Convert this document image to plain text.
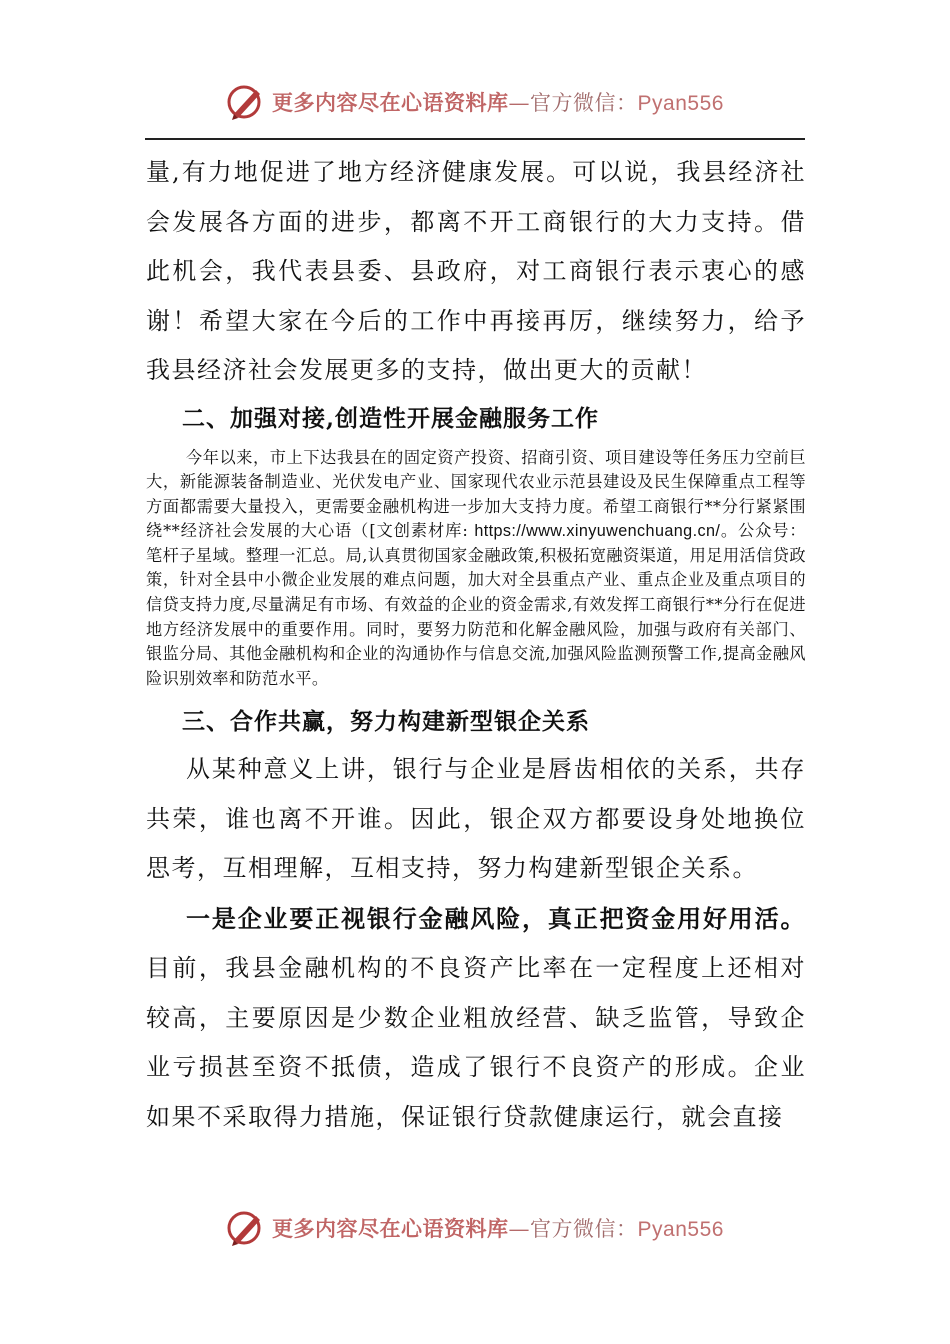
更多内容尽在心语资料库—官方微信：Pyan556

量,有力地促进了地方经济健康发展。可以说，我县经济社会发展各方面的进步，都离不开工商银行的大力支持。借此机会，我代表县委、县政府，对工商银行表示衷心的感谢！希望大家在今后的工作中再接再厉，继续努力，给予我县经济社会发展更多的支持，做出更大的贡献！

二、加强对接,创造性开展金融服务工作

今年以来，市上下达我县在的固定资产投资、招商引资、项目建设等任务压力空前巨大，新能源装备制造业、光伏发电产业、国家现代农业示范县建设及民生保障重点工程等方面都需要大量投入，更需要金融机构进一步加大支持力度。希望工商银行**分行紧紧围绕**经济社会发展的大心语（[文创素材库: https://www.xinyuwenchuang.cn/。公众号：笔杆子星域。整理一汇总。局,认真贯彻国家金融政策,积极拓宽融资渠道，用足用活信贷政策，针对全县中小微企业发展的难点问题，加大对全县重点产业、重点企业及重点项目的信贷支持力度,尽量满足有市场、有效益的企业的资金需求,有效发挥工商银行**分行在促进地方经济发展中的重要作用。同时，要努力防范和化解金融风险，加强与政府有关部门、银监分局、其他金融机构和企业的沟通协作与信息交流,加强风险监测预警工作,提高金融风险识别效率和防范水平。

三、合作共赢，努力构建新型银企关系

从某种意义上讲，银行与企业是唇齿相依的关系，共存共荣，谁也离不开谁。因此，银企双方都要设身处地换位思考，互相理解，互相支持，努力构建新型银企关系。

一是企业要正视银行金融风险，真正把资金用好用活。目前，我县金融机构的不良资产比率在一定程度上还相对较高，主要原因是少数企业粗放经营、缺乏监管，导致企业亏损甚至资不抵债，造成了银行不良资产的形成。企业如果不采取得力措施，保证银行贷款健康运行，就会直接

更多内容尽在心语资料库—官方微信：Pyan556
